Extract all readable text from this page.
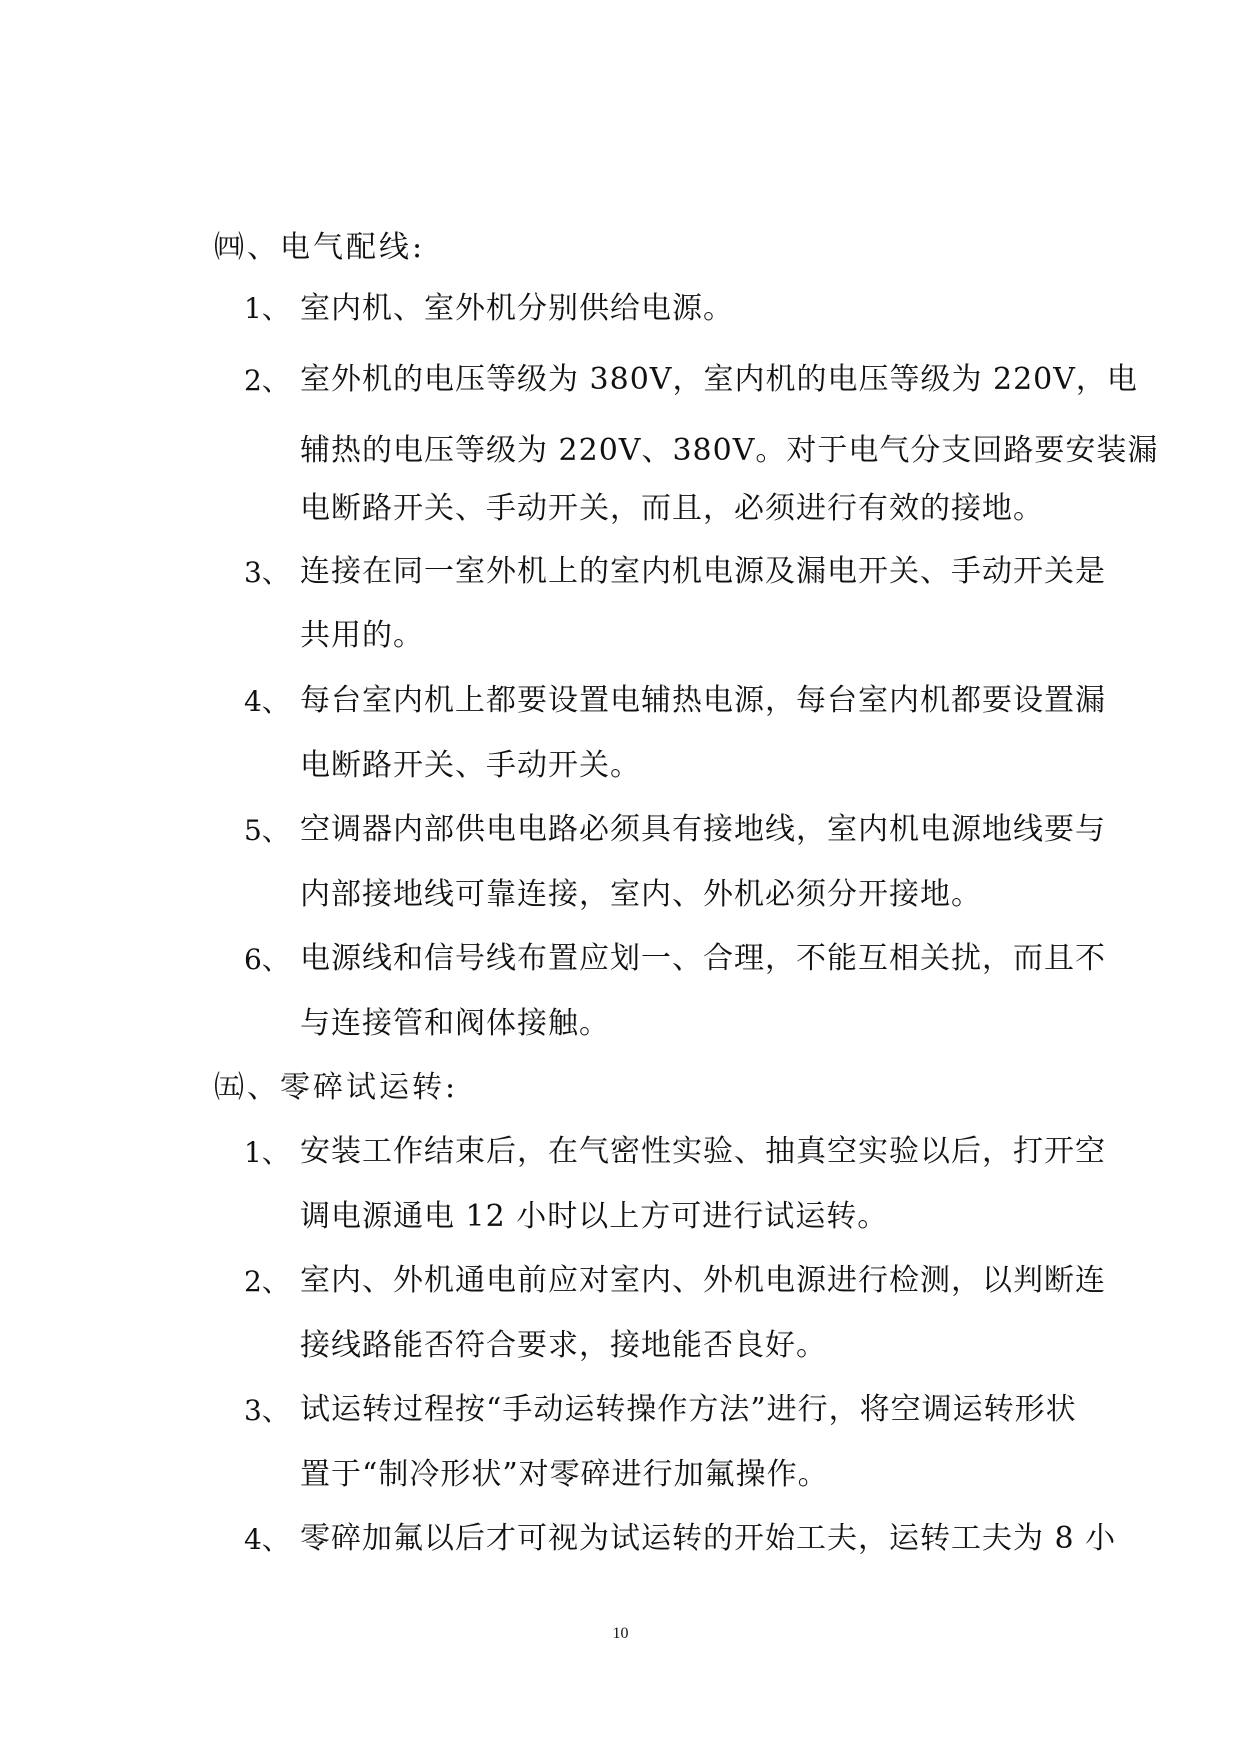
㈣、电气配线:
1、 室内机、室外机分别供给电源。
2、 室外机的电压等级为 380V，室内机的电压等级为 220V，电
辅热的电压等级为 220V、380V。对于电气分支回路要安装漏
电断路开关、手动开关，而且，必须进行有效的接地。
3、 连接在同一室外机上的室内机电源及漏电开关、手动开关是
共用的。
4、 每台室内机上都要设置电辅热电源，每台室内机都要设置漏
电断路开关、手动开关。
5、 空调器内部供电电路必须具有接地线，室内机电源地线要与
内部接地线可靠连接，室内、外机必须分开接地。
6、 电源线和信号线布置应划一、合理，不能互相关扰，而且不
与连接管和阀体接触。
㈤、零碎试运转:
1、 安装工作结束后，在气密性实验、抽真空实验以后，打开空
调电源通电 12 小时以上方可进行试运转。
2、 室内、外机通电前应对室内、外机电源进行检测，以判断连
接线路能否符合要求，接地能否良好。
3、 试运转过程按“手动运转操作方法”进行，将空调运转形状
置于“制冷形状”对零碎进行加氟操作。
4、 零碎加氟以后才可视为试运转的开始工夫，运转工夫为 8 小
10
